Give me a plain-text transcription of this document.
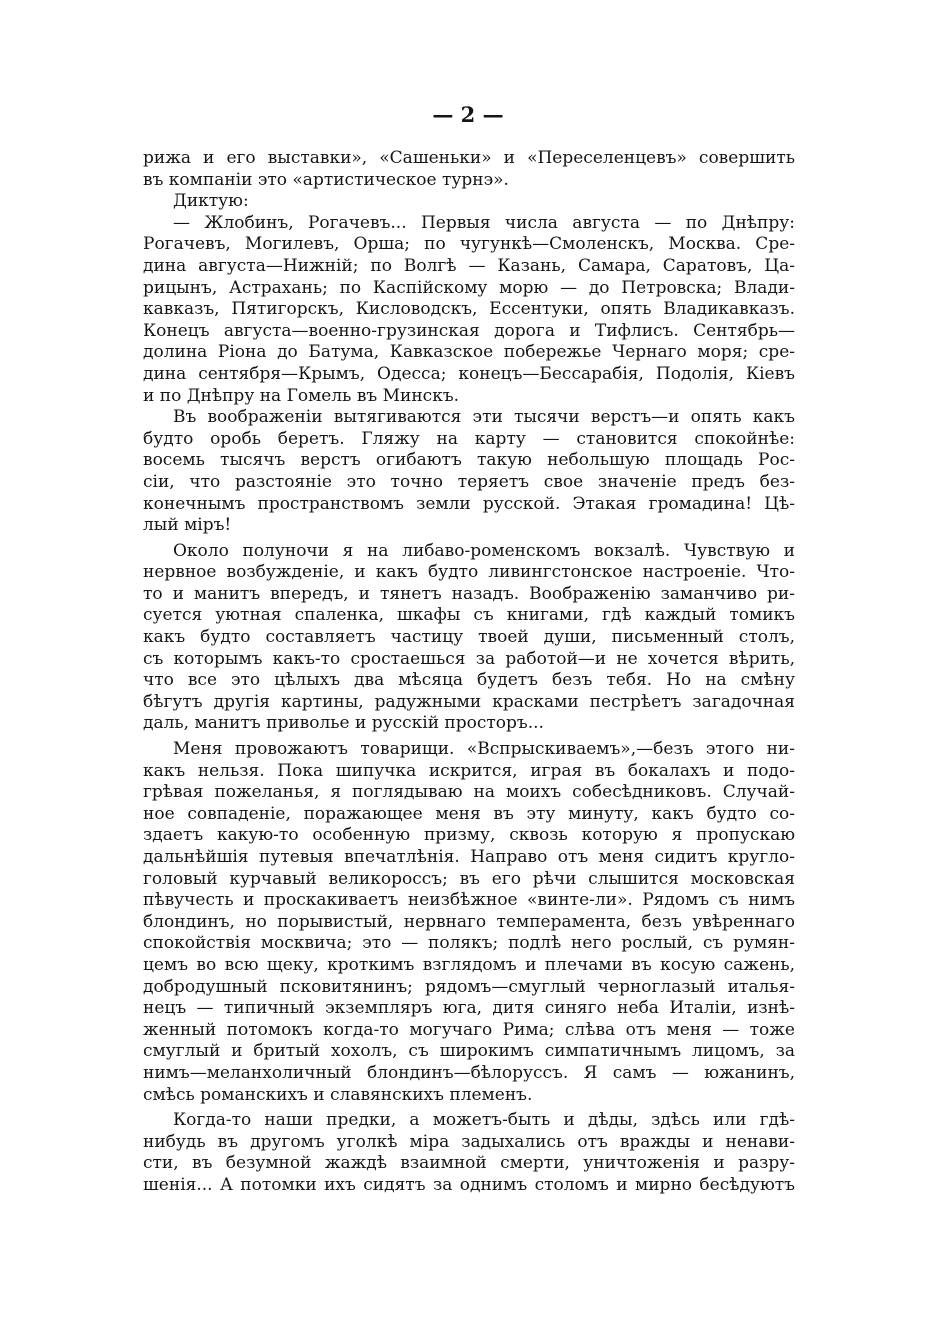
— 2 —
рижа и его выставки», «Сашеньки» и «Переселенцевъ» совершить
въ компаніи это «артистическое турнэ».
Диктую:
— Жлобинъ, Рогачевъ... Первыя числа августа — по Днѣпру:
Рогачевъ, Могилевъ, Орша; по чугункѣ—Смоленскъ, Москва. Сре-
дина августа—Нижній; по Волгѣ — Казань, Самара, Саратовъ, Ца-
рицынъ, Астрахань; по Каспійскому морю — до Петровска; Влади-
кавказъ, Пятигорскъ, Кисловодскъ, Ессентуки, опять Владикавказъ.
Конецъ августа—военно-грузинская дорога и Тифлисъ. Сентябрь—
долина Ріона до Батума, Кавказское побережье Чернаго моря; сре-
дина сентября—Крымъ, Одесса; конецъ—Бессарабія, Подолія, Кіевъ
и по Днѣпру на Гомель въ Минскъ.
Въ воображеніи вытягиваются эти тысячи верстъ—и опять какъ
будто оробь беретъ. Гляжу на карту — становится спокойнѣе:
восемь тысячъ верстъ огибаютъ такую небольшую площадь Рос-
сіи, что разстояніе это точно теряетъ свое значеніе предъ без-
конечнымъ пространствомъ земли русской. Этакая громадина! Цѣ-
лый міръ!
Около полуночи я на либаво-роменскомъ вокзалѣ. Чувствую и
нервное возбужденіе, и какъ будто ливингстонское настроеніе. Что-
то и манитъ впередъ, и тянетъ назадъ. Воображенію заманчиво ри-
суется уютная спаленка, шкафы съ книгами, гдѣ каждый томикъ
какъ будто составляетъ частицу твоей души, письменный столъ,
съ которымъ какъ-то сростаешься за работой—и не хочется вѣрить,
что все это цѣлыхъ два мѣсяца будетъ безъ тебя. Но на смѣну
бѣгутъ другія картины, радужными красками пестрѣетъ загадочная
даль, манитъ приволье и русскій просторъ...
Меня провожаютъ товарищи. «Вспрыскиваемъ»,—безъ этого ни-
какъ нельзя. Пока шипучка искрится, играя въ бокалахъ и подо-
грѣвая пожеланья, я поглядываю на моихъ собесѣдниковъ. Случай-
ное совпаденіе, поражающее меня въ эту минуту, какъ будто со-
здаетъ какую-то особенную призму, сквозь которую я пропускаю
дальнѣйшія путевыя впечатлѣнія. Направо отъ меня сидитъ кругло-
головый курчавый великороссъ; въ его рѣчи слышится московская
пѣвучесть и проскакиваетъ неизбѣжное «винте-ли». Рядомъ съ нимъ
блондинъ, но порывистый, нервнаго темперамента, безъ увѣреннаго
спокойствія москвича; это — полякъ; подлѣ него рослый, съ румян-
цемъ во всю щеку, кроткимъ взглядомъ и плечами въ косую сажень,
добродушный псковитянинъ; рядомъ—смуглый черноглазый италья-
нецъ — типичный экземпляръ юга, дитя синяго неба Италіи, изнѣ-
женный потомокъ когда-то могучаго Рима; слѣва отъ меня — тоже
смуглый и бритый хохолъ, съ широкимъ симпатичнымъ лицомъ, за
нимъ—меланхоличный блондинъ—бѣлоруссъ. Я самъ — южанинъ,
смѣсь романскихъ и славянскихъ племенъ.
Когда-то наши предки, а можетъ-быть и дѣды, здѣсь или гдѣ-
нибудь въ другомъ уголкѣ міра задыхались отъ вражды и ненави-
сти, въ безумной жаждѣ взаимной смерти, уничтоженія и разру-
шенія... А потомки ихъ сидятъ за однимъ столомъ и мирно бесѣдуютъ
